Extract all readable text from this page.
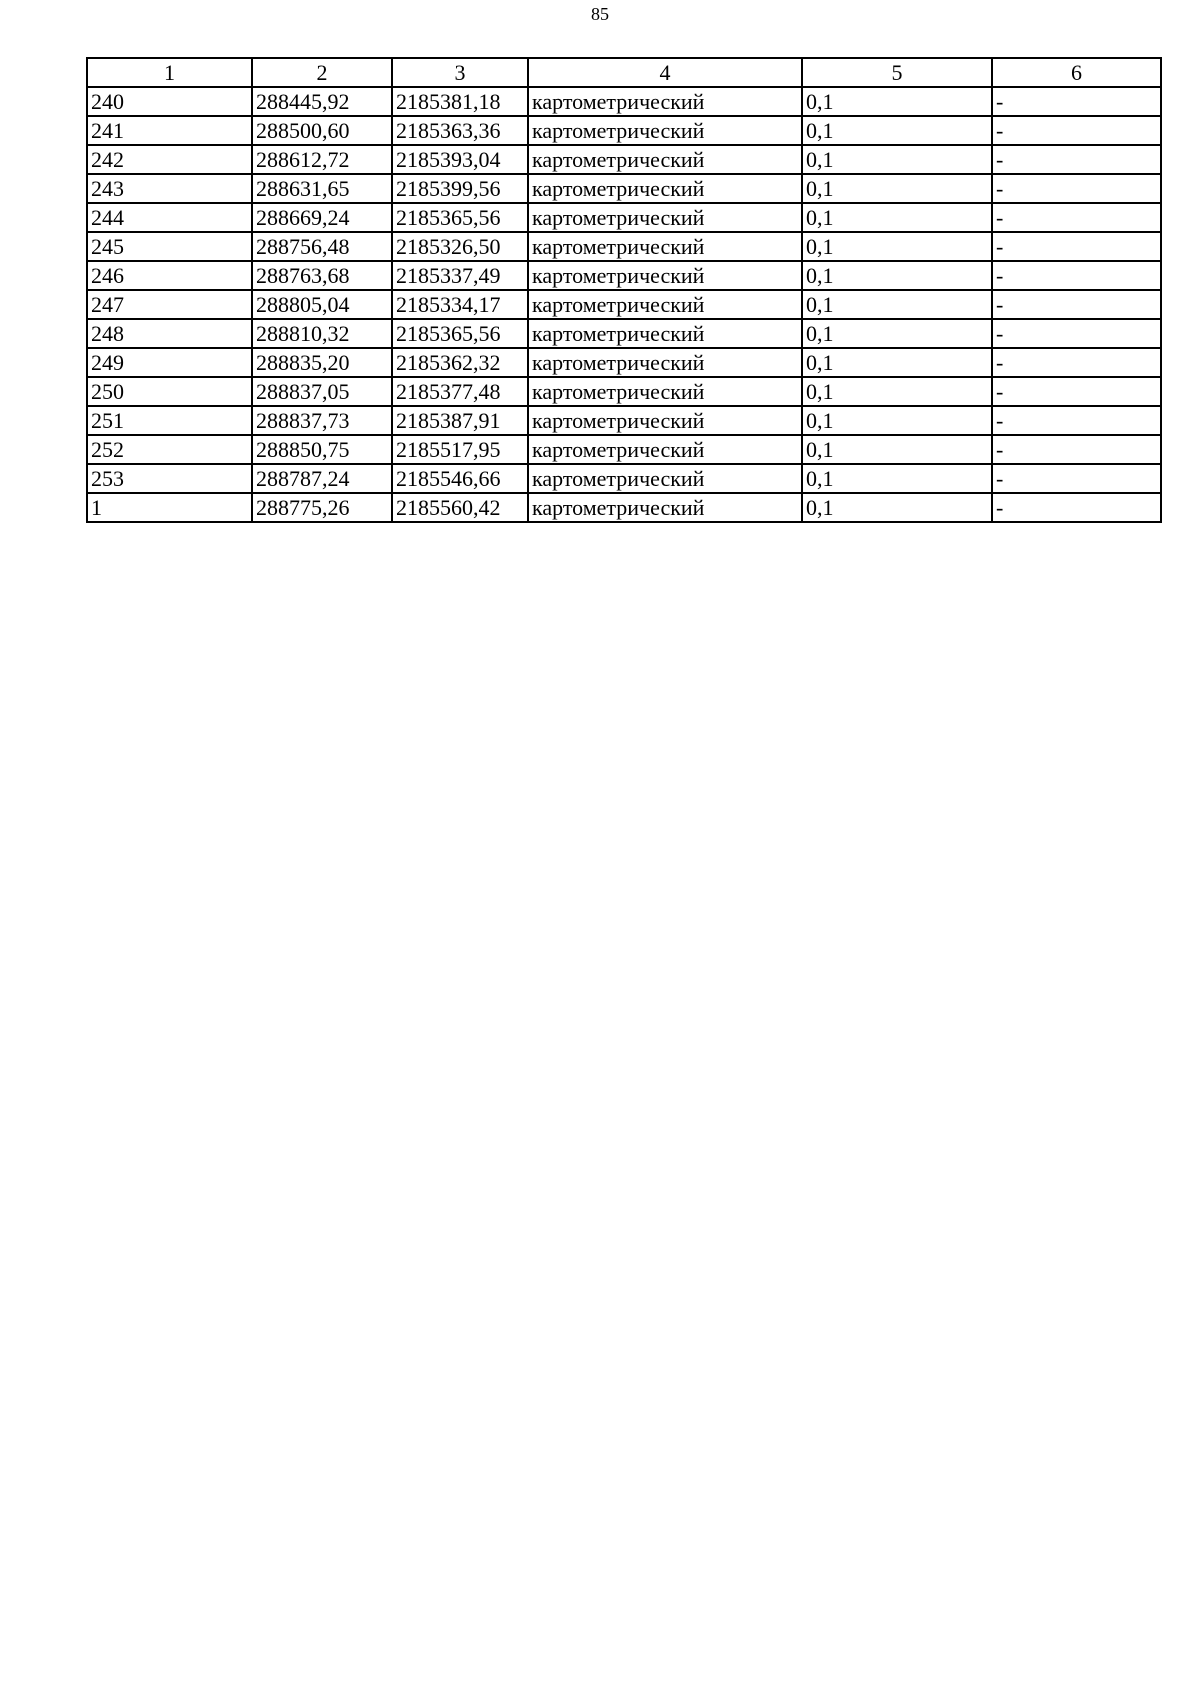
85
1	2	3	4	5	6
240	288445,92	2185381,18	картометрический	0,1	-
241	288500,60	2185363,36	картометрический	0,1	-
242	288612,72	2185393,04	картометрический	0,1	-
243	288631,65	2185399,56	картометрический	0,1	-
244	288669,24	2185365,56	картометрический	0,1	-
245	288756,48	2185326,50	картометрический	0,1	-
246	288763,68	2185337,49	картометрический	0,1	-
247	288805,04	2185334,17	картометрический	0,1	-
248	288810,32	2185365,56	картометрический	0,1	-
249	288835,20	2185362,32	картометрический	0,1	-
250	288837,05	2185377,48	картометрический	0,1	-
251	288837,73	2185387,91	картометрический	0,1	-
252	288850,75	2185517,95	картометрический	0,1	-
253	288787,24	2185546,66	картометрический	0,1	-
1	288775,26	2185560,42	картометрический	0,1	-
